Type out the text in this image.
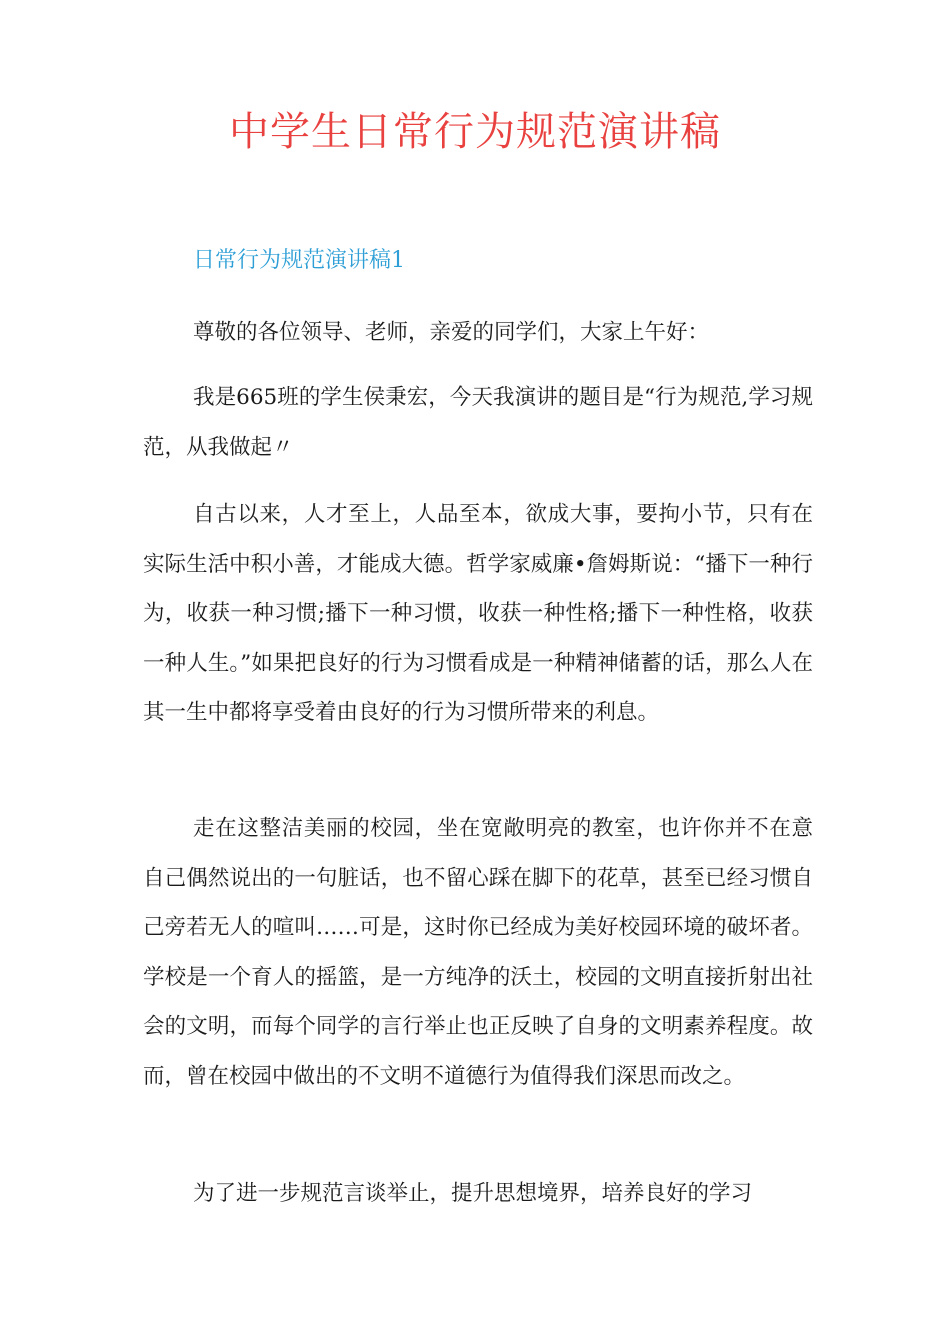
中学生日常行为规范演讲稿
日常行为规范演讲稿1

尊敬的各位领导、老师，亲爱的同学们，大家上午好：

我是665班的学生侯秉宏，今天我演讲的题目是“行为规范,学习规范，从我做起〃

自古以来，人才至上，人品至本，欲成大事，要拘小节，只有在实际生活中积小善，才能成大德。哲学家威廉•詹姆斯说：“播下一种行为，收获一种习惯;播下一种习惯，收获一种性格;播下一种性格，收获一种人生。”如果把良好的行为习惯看成是一种精神储蓄的话，那么人在其一生中都将享受着由良好的行为习惯所带来的利息。

走在这整洁美丽的校园，坐在宽敞明亮的教室，也许你并不在意自己偶然说出的一句脏话，也不留心踩在脚下的花草，甚至已经习惯自己旁若无人的喧叫……可是，这时你已经成为美好校园环境的破坏者。学校是一个育人的摇篮，是一方纯净的沃土，校园的文明直接折射出社会的文明，而每个同学的言行举止也正反映了自身的文明素养程度。故而，曾在校园中做出的不文明不道德行为值得我们深思而改之。

为了进一步规范言谈举止，提升思想境界，培养良好的学习
